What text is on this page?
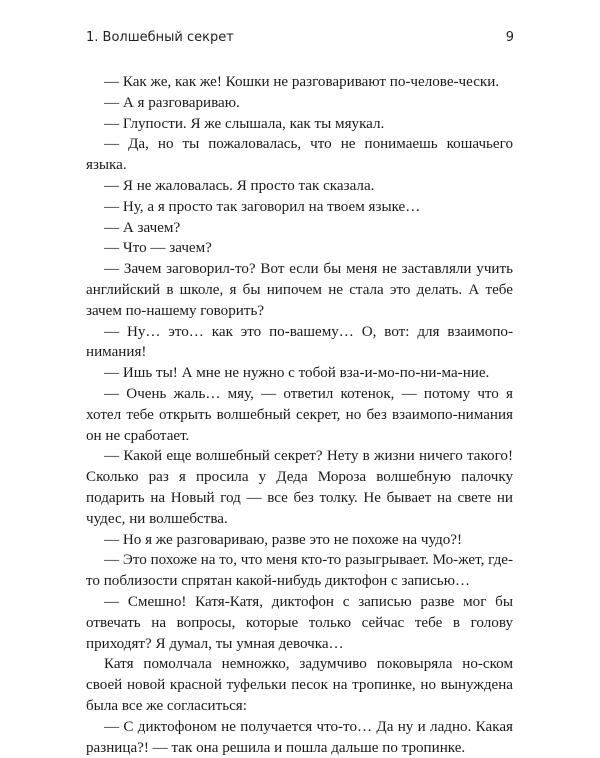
1. Волшебный секрет	9

— Как же, как же! Кошки не разговаривают по-челове-чески.

— А я разговариваю.

— Глупости. Я же слышала, как ты мяукал.

— Да, но ты пожаловалась, что не понимаешь кошачьего языка.

— Я не жаловалась. Я просто так сказала.

— Ну, а я просто так заговорил на твоем языке…

— А зачем?

— Что — зачем?

— Зачем заговорил-то? Вот если бы меня не заставляли учить английский в школе, я бы нипочем не стала это делать. А тебе зачем по-нашему говорить?

— Ну… это… как это по-вашему… О, вот: для взаимопо-нимания!

— Ишь ты! А мне не нужно с тобой вза-и-мо-по-ни-ма-ние.

— Очень жаль… мяу, — ответил котенок, — потому что я хотел тебе открыть волшебный секрет, но без взаимопо-нимания он не сработает.

— Какой еще волшебный секрет? Нету в жизни ничего такого! Сколько раз я просила у Деда Мороза волшебную палочку подарить на Новый год — все без толку. Не бывает на свете ни чудес, ни волшебства.

— Но я же разговариваю, разве это не похоже на чудо?!

— Это похоже на то, что меня кто-то разыгрывает. Мо-жет, где-то поблизости спрятан какой-нибудь диктофон с записью…

— Смешно! Катя-Катя, диктофон с записью разве мог бы отвечать на вопросы, которые только сейчас тебе в голову приходят? Я думал, ты умная девочка…

Катя помолчала немножко, задумчиво поковыряла но-ском своей новой красной туфельки песок на тропинке, но вынуждена была все же согласиться:

— С диктофоном не получается что-то… Да ну и ладно. Какая разница?! — так она решила и пошла дальше по тропинке.
